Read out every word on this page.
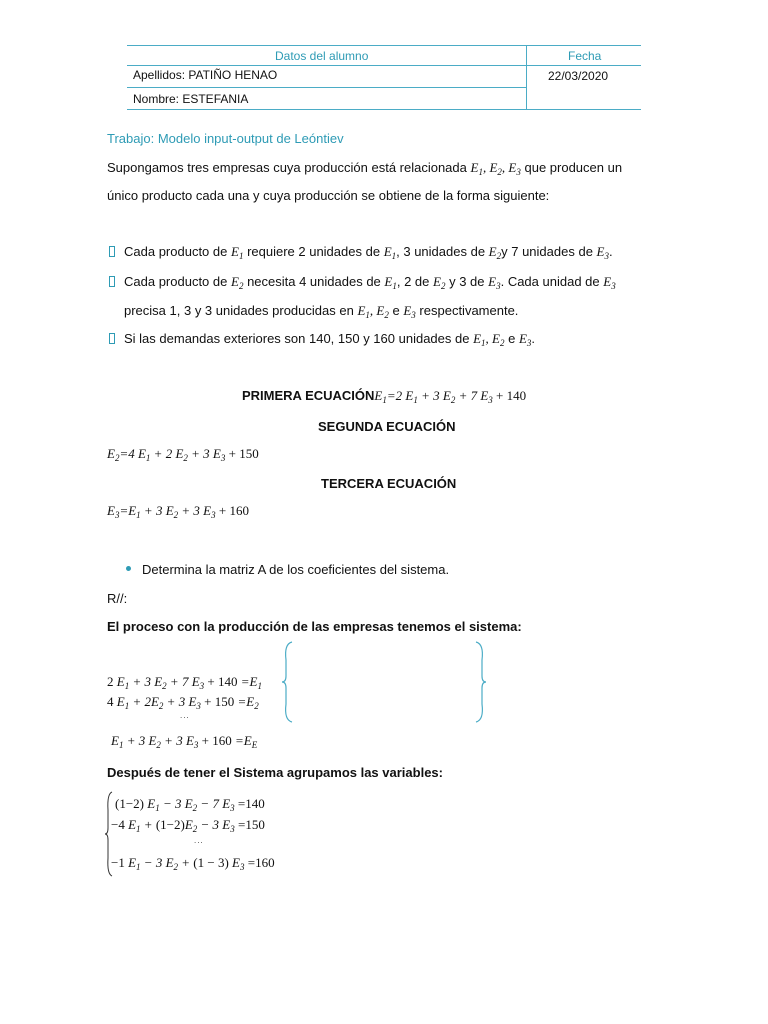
Datos del alumno	Fecha
Apellidos: PATIÑO HENAO
Nombre: ESTEFANIA
22/03/2020
Trabajo: Modelo input-output de Leóntiev
Supongamos tres empresas cuya producción está relacionada $E_1$, $E_2$, $E_3$ que producen un
único producto cada una y cuya producción se obtiene de la forma siguiente:
Cada producto de $E_1$ requiere 2 unidades de $E_1$, 3 unidades de $E_2y$ 7 unidades de $E_3$.
Cada producto de $E_2$ necesita 4 unidades de $E_1$, 2 de $E_2$ y 3 de $E_3$. Cada unidad de $E_3$
precisa 1, 3 y 3 unidades producidas en $E_1$, $E_2$ e $E_3$ respectivamente.
Si las demandas exteriores son 140, 150 y 160 unidades de $E_1$, $E_2$ e $E_3$.
PRIMERA $ECUACIÓNE_1=2$ $E_1 + 3$ $E_2 + 7$ $E_3 + 140$
SEGUNDA ECUACIÓN
$E_2=4$ $E_1 + 2$ $E_2 + 3$ $E_3 + 150$
TERCERA ECUACIÓN
$E_3=E_1 + 3$ $E_2 + 3$ $E_3 + 160$
Determina la matriz A de los coeficientes del sistema.
R//:
El proceso con la producción de las empresas tenemos el sistema:
2 $E_1 + 3$ $E_2 + 7$ $E_3 + 140 =E_1$
4 $E_1 + 2E_2 + 3$ $E_3 + 150 =E_2$
...
$E_1 + 3$ $E_2 + 3$ $E_3 + 160 =E_E$
Después de tener el Sistema agrupamos las variables:
(1−2) $E_1 - 3$ $E_2 - 7$ $E_3 =140$
−4 $E_1 + (1-2)E_2 - 3$ $E_3 =150$
...
−1 $E_1 - 3$ $E_2 + (1 - 3)$ $E_3 =160$
